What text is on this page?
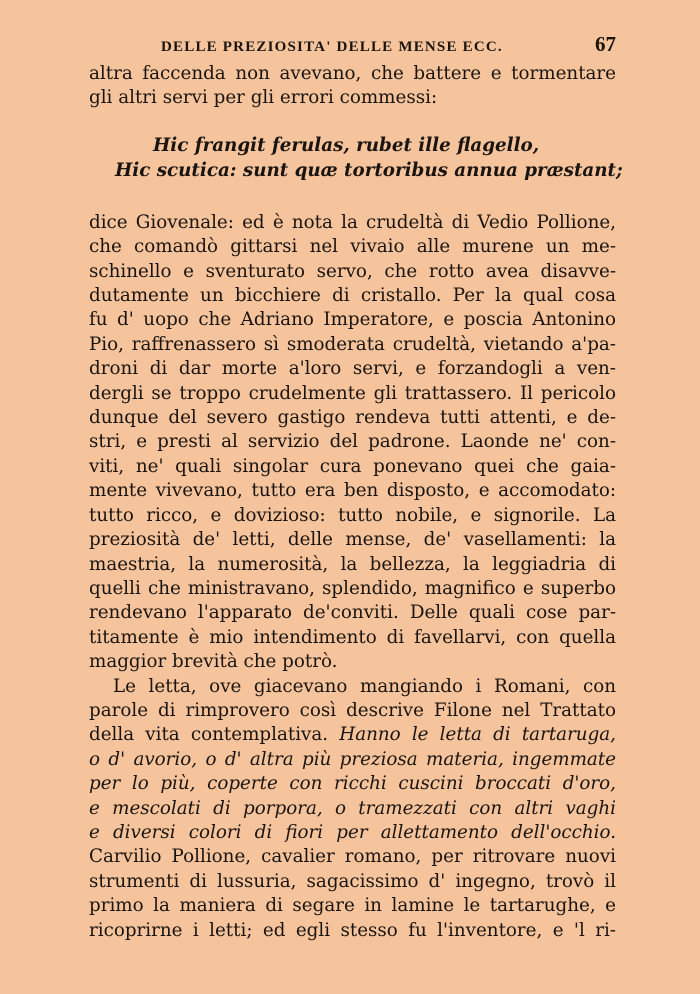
DELLE PREZIOSITA' DELLE MENSE ECC.	67
altra faccenda non avevano, che battere e tormentare
gli altri servi per gli errori commessi:
Hic frangit ferulas, rubet ille flagello,
Hic scutica: sunt quæ tortoribus annua præstant;
dice Giovenale: ed è nota la crudeltà di Vedio Pollione,
che comandò gittarsi nel vivaio alle murene un me-
schinello e sventurato servo, che rotto avea disavve-
dutamente un bicchiere di cristallo. Per la qual cosa
fu d' uopo che Adriano Imperatore, e poscia Antonino
Pio, raffrenassero sì smoderata crudeltà, vietando a'pa-
droni di dar morte a'loro servi, e forzandogli a ven-
dergli se troppo crudelmente gli trattassero. Il pericolo
dunque del severo gastigo rendeva tutti attenti, e de-
stri, e presti al servizio del padrone. Laonde ne' con-
viti, ne' quali singolar cura ponevano quei che gaia-
mente vivevano, tutto era ben disposto, e accomodato:
tutto ricco, e dovizioso: tutto nobile, e signorile. La
preziosità de' letti, delle mense, de' vasellamenti: la
maestria, la numerosità, la bellezza, la leggiadria di
quelli che ministravano, splendido, magnifico e superbo
rendevano l'apparato de'conviti. Delle quali cose par-
titamente è mio intendimento di favellarvi, con quella
maggior brevità che potrò.
Le letta, ove giacevano mangiando i Romani, con
parole di rimprovero così descrive Filone nel Trattato
della vita contemplativa. Hanno le letta di tartaruga,
o d' avorio, o d' altra più preziosa materia, ingemmate
per lo più, coperte con ricchi cuscini broccati d'oro,
e mescolati di porpora, o tramezzati con altri vaghi
e diversi colori di fiori per allettamento dell'occhio.
Carvilio Pollione, cavalier romano, per ritrovare nuovi
strumenti di lussuria, sagacissimo d' ingegno, trovò il
primo la maniera di segare in lamine le tartarughe, e
ricoprirne i letti; ed egli stesso fu l'inventore, e 'l ri-
